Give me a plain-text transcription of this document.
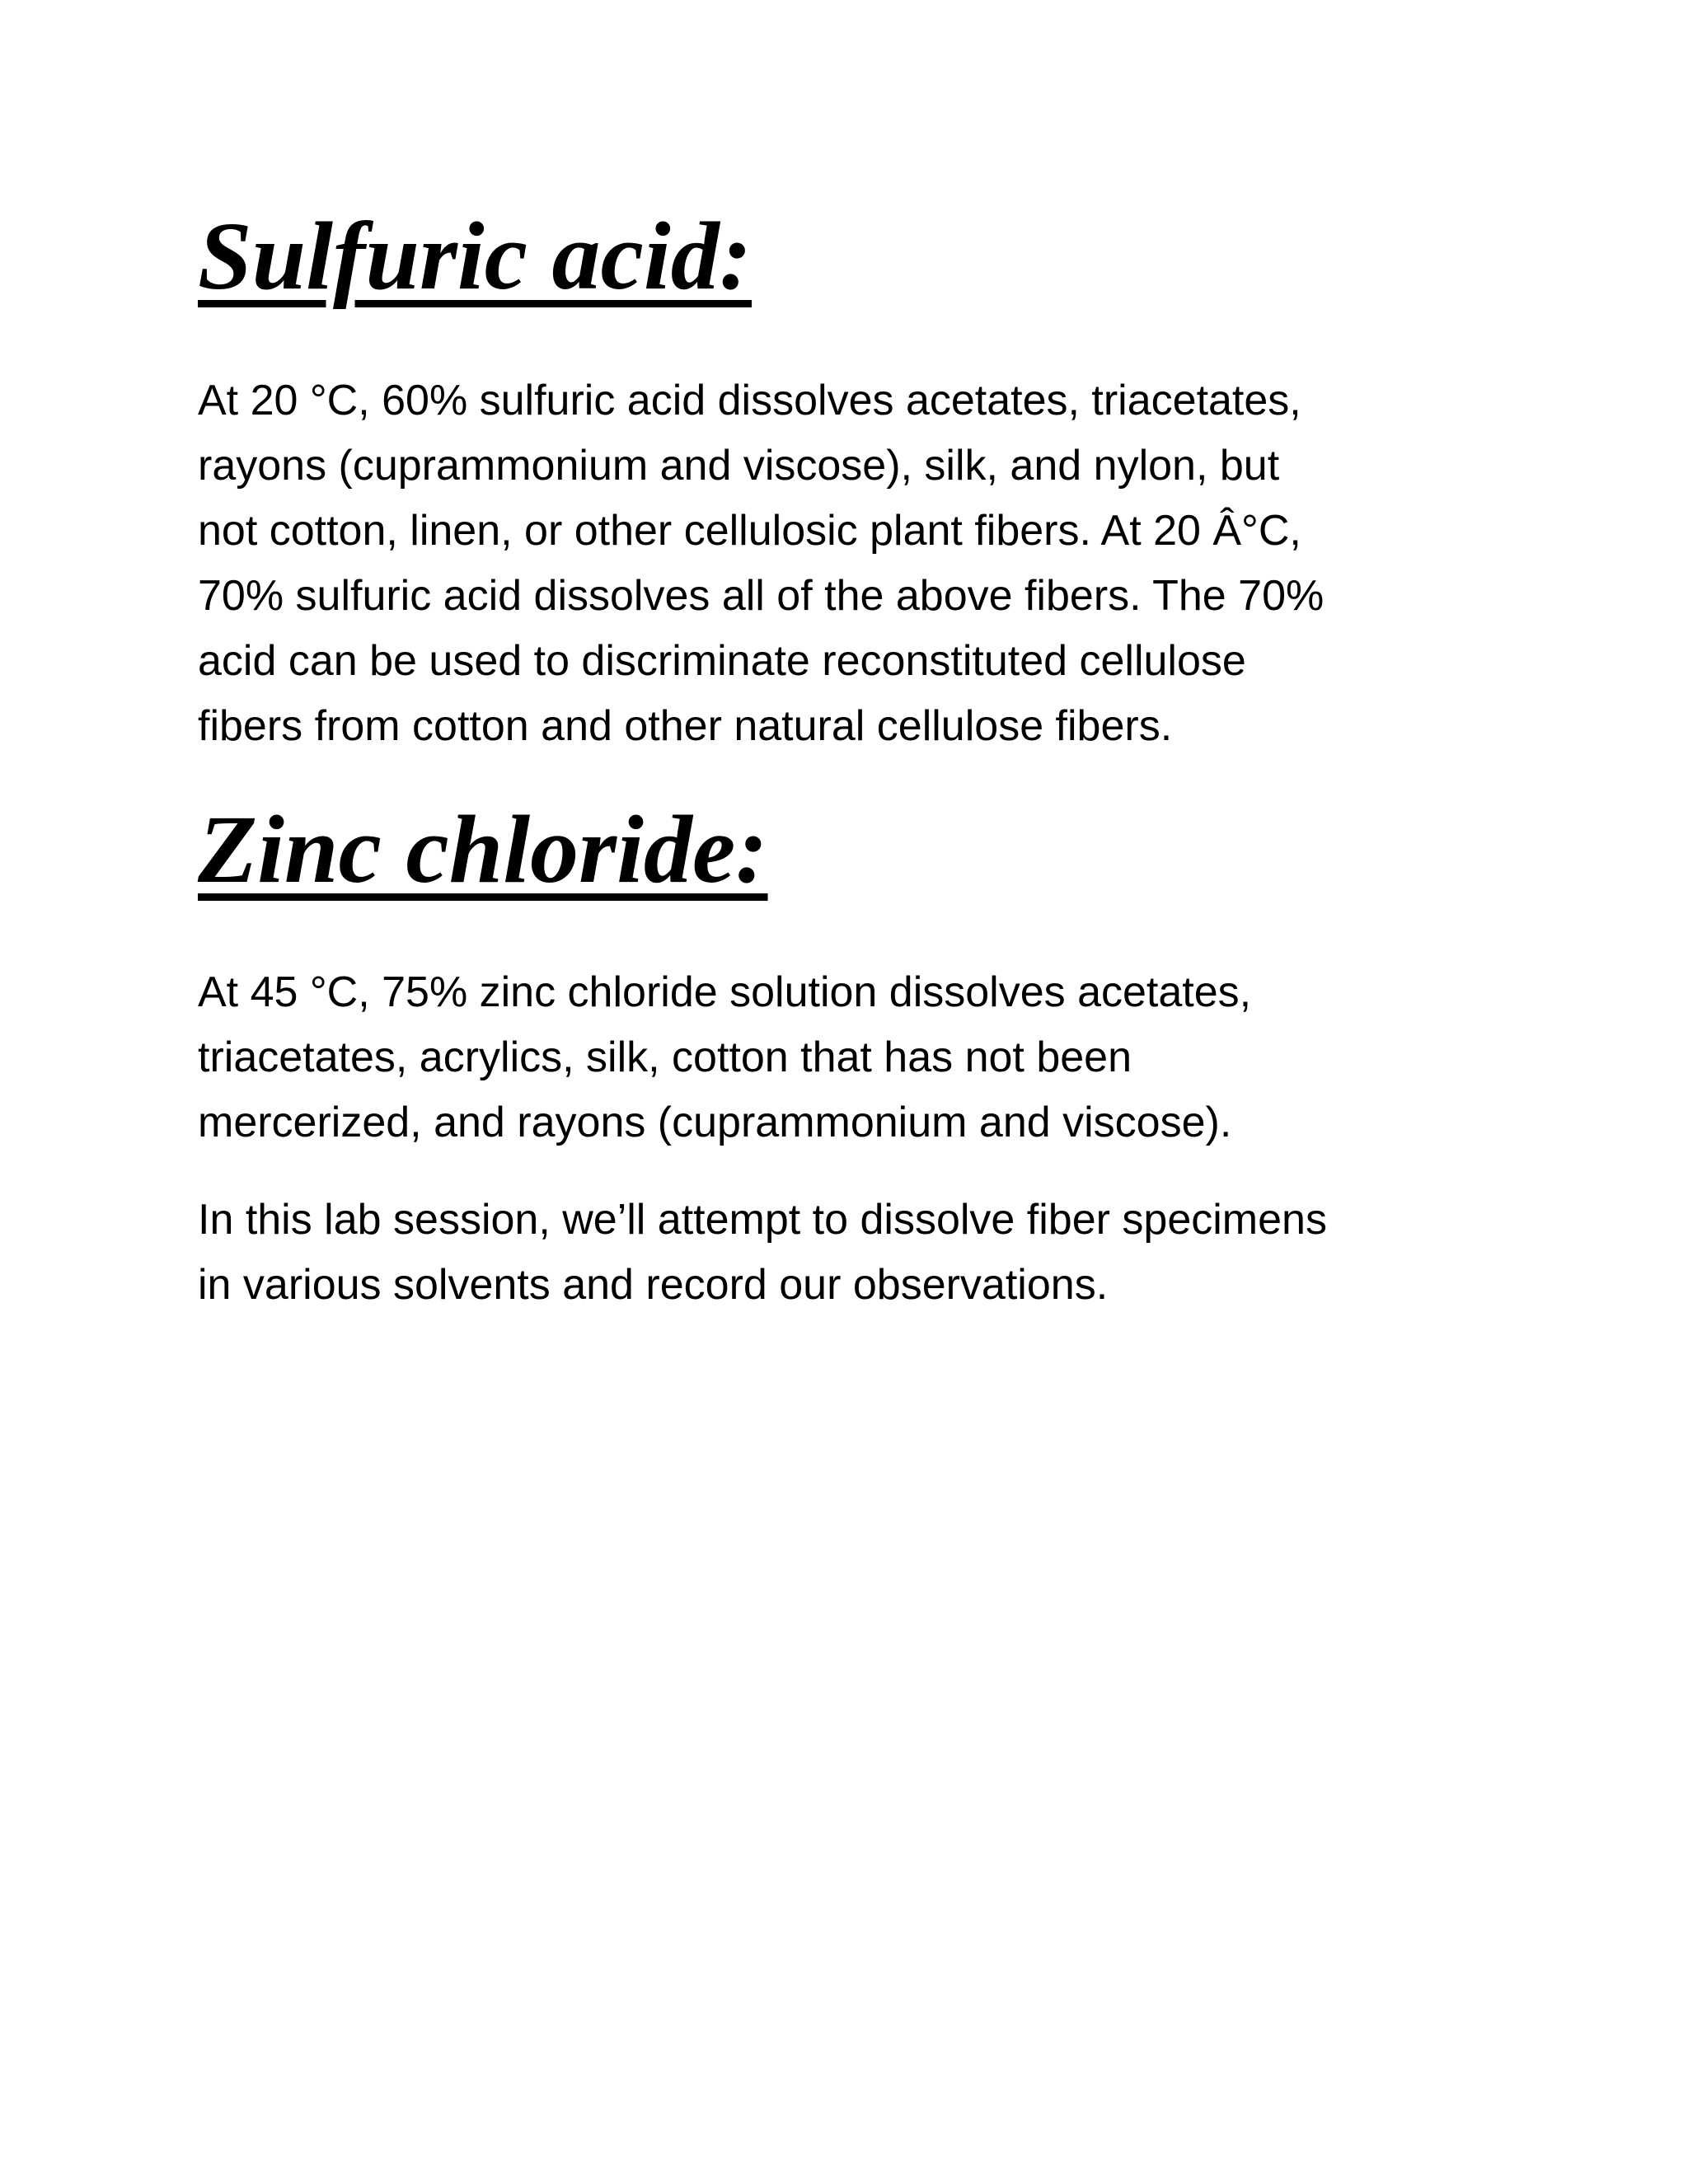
Sulfuric acid:

At 20 °C, 60% sulfuric acid dissolves acetates, triacetates,
rayons (cuprammonium and viscose), silk, and nylon, but
not cotton, linen, or other cellulosic plant fibers. At 20 Â°C,
70% sulfuric acid dissolves all of the above fibers. The 70%
acid can be used to discriminate reconstituted cellulose
fibers from cotton and other natural cellulose fibers.

Zinc chloride:

At 45 °C, 75% zinc chloride solution dissolves acetates,
triacetates, acrylics, silk, cotton that has not been
mercerized, and rayons (cuprammonium and viscose).

In this lab session, we’ll attempt to dissolve fiber specimens
in various solvents and record our observations.
